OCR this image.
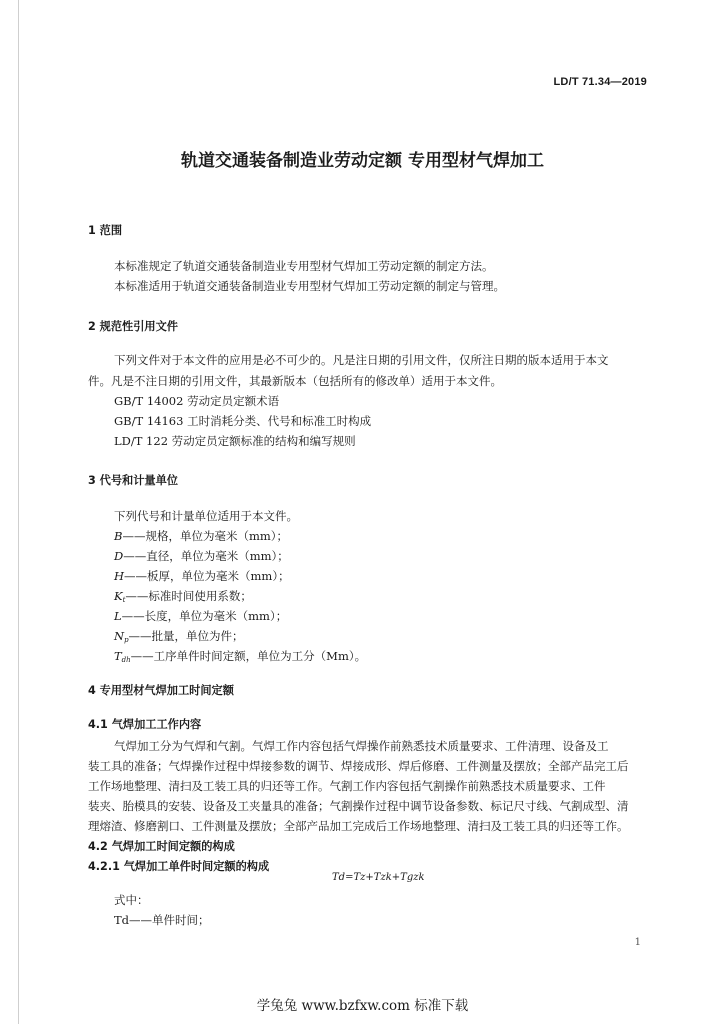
LD/T 71.34—2019
轨道交通装备制造业劳动定额 专用型材气焊加工
1 范围
本标准规定了轨道交通装备制造业专用型材气焊加工劳动定额的制定方法。
本标准适用于轨道交通装备制造业专用型材气焊加工劳动定额的制定与管理。
2 规范性引用文件
下列文件对于本文件的应用是必不可少的。凡是注日期的引用文件，仅所注日期的版本适用于本文
件。凡是不注日期的引用文件，其最新版本（包括所有的修改单）适用于本文件。
GB/T 14002 劳动定员定额术语
GB/T 14163 工时消耗分类、代号和标准工时构成
LD/T 122 劳动定员定额标准的结构和编写规则
3 代号和计量单位
下列代号和计量单位适用于本文件。
B——规格，单位为毫米（mm）；
D——直径，单位为毫米（mm）；
H——板厚，单位为毫米（mm）；
$K_t——$标准时间使用系数；
L——长度，单位为毫米（mm）；
$N_p——$批量，单位为件；
$T_{dh}——$工序单件时间定额，单位为工分（Mm）。
4 专用型材气焊加工时间定额
4.1 气焊加工工作内容
气焊加工分为气焊和气割。气焊工作内容包括气焊操作前熟悉技术质量要求、工件清理、设备及工
装工具的准备；气焊操作过程中焊接参数的调节、焊接成形、焊后修磨、工件测量及摆放；全部产品完工后
工作场地整理、清扫及工装工具的归还等工作。气割工作内容包括气割操作前熟悉技术质量要求、工件
装夹、胎模具的安装、设备及工夹量具的准备；气割操作过程中调节设备参数、标记尺寸线、气割成型、清
理熔渣、修磨割口、工件测量及摆放；全部产品加工完成后工作场地整理、清扫及工装工具的归还等工作。
4.2 气焊加工时间定额的构成
4.2.1 气焊加工单件时间定额的构成
Td=Tz+Tzk+Tgzk
式中：
Td——单件时间；
1
学兔兔 www.bzfxw.com 标准下载
